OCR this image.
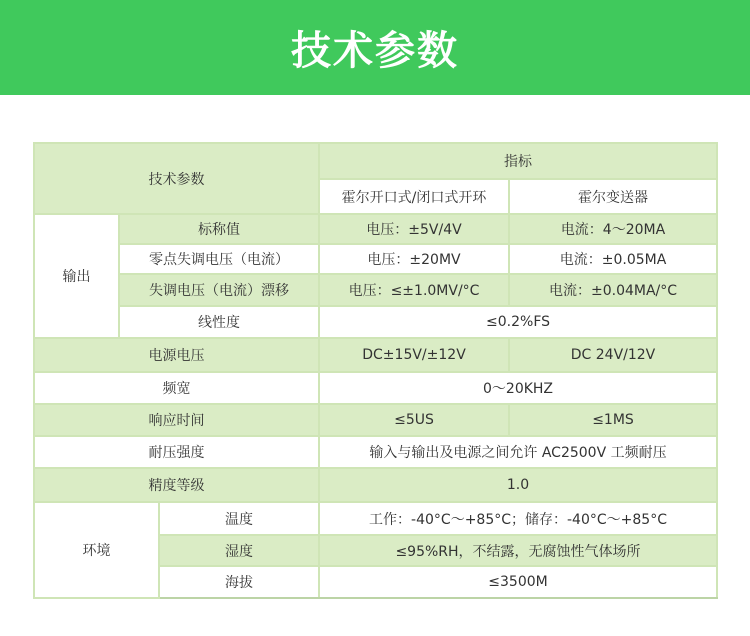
技术参数
技术参数			指标	
			霍尔开口式/闭口式开环	霍尔变送器
输出	标称值		电压：±5V/4V	电流：4～20MA
	零点失调电压（电流）		电压：±20MV	电流：±0.05MA
	失调电压（电流）漂移		电压：≤±1.0MV/°C	电流：±0.04MA/°C
	线性度		≤0.2%FS	
电源电压			DC±15V/±12V	DC 24V/12V
频宽			0～20KHZ	
响应时间			≤5US	≤1MS
耐压强度			输入与输出及电源之间允许 AC2500V 工频耐压	
精度等级			1.0	
环境		温度	工作：-40°C～+85°C；储存：-40°C～+85°C	
		湿度	≤95%RH，不结露，无腐蚀性气体场所	
		海拔	≤3500M	
